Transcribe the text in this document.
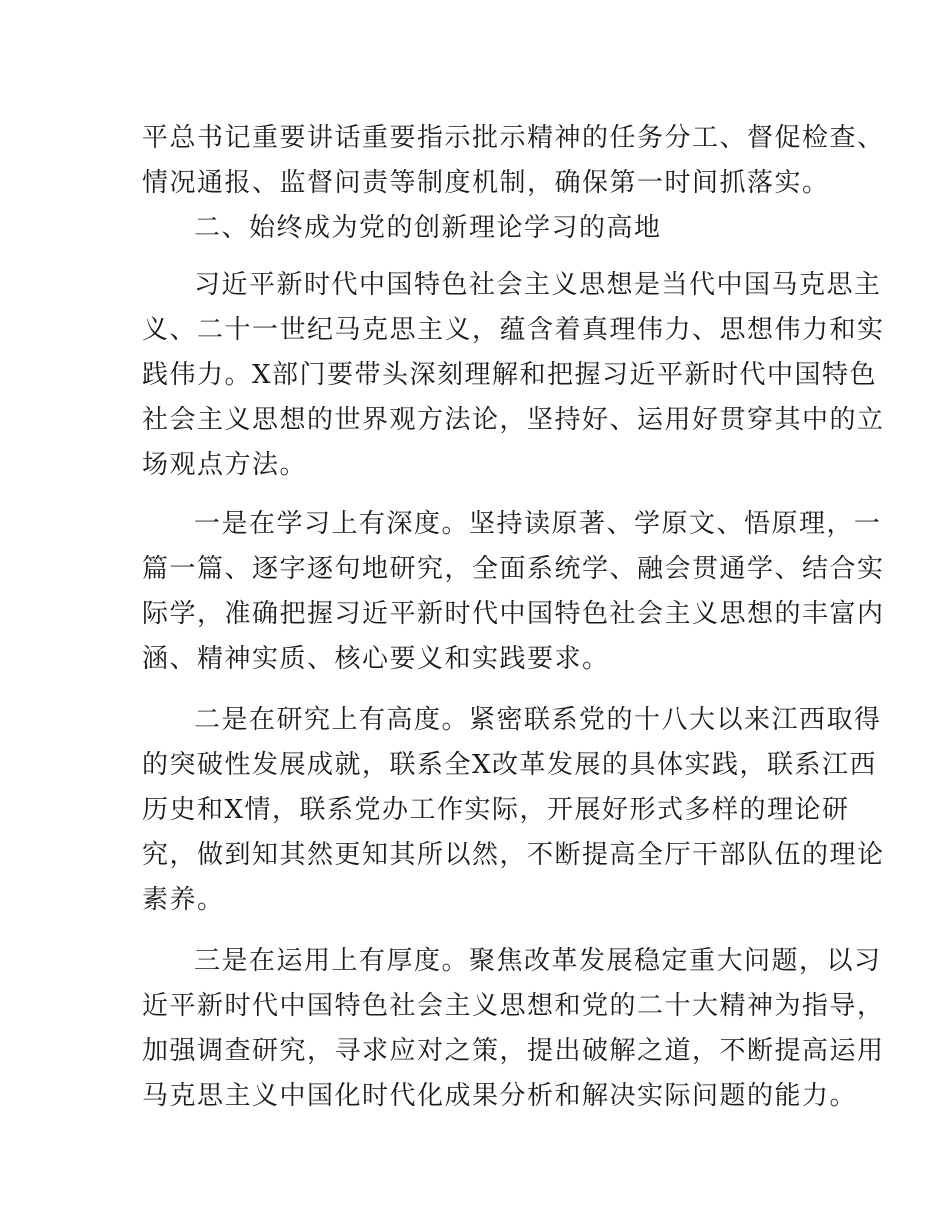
平总书记重要讲话重要指示批示精神的任务分工、督促检查、
情况通报、监督问责等制度机制，确保第一时间抓落实。

二、始终成为党的创新理论学习的高地

习近平新时代中国特色社会主义思想是当代中国马克思主
义、二十一世纪马克思主义，蕴含着真理伟力、思想伟力和实
践伟力。X部门要带头深刻理解和把握习近平新时代中国特色
社会主义思想的世界观方法论，坚持好、运用好贯穿其中的立
场观点方法。

一是在学习上有深度。坚持读原著、学原文、悟原理，一
篇一篇、逐字逐句地研究，全面系统学、融会贯通学、结合实
际学，准确把握习近平新时代中国特色社会主义思想的丰富内
涵、精神实质、核心要义和实践要求。

二是在研究上有高度。紧密联系党的十八大以来江西取得
的突破性发展成就，联系全X改革发展的具体实践，联系江西
历史和X情，联系党办工作实际，开展好形式多样的理论研
究，做到知其然更知其所以然，不断提高全厅干部队伍的理论
素养。

三是在运用上有厚度。聚焦改革发展稳定重大问题，以习
近平新时代中国特色社会主义思想和党的二十大精神为指导，
加强调查研究，寻求应对之策，提出破解之道，不断提高运用
马克思主义中国化时代化成果分析和解决实际问题的能力。
